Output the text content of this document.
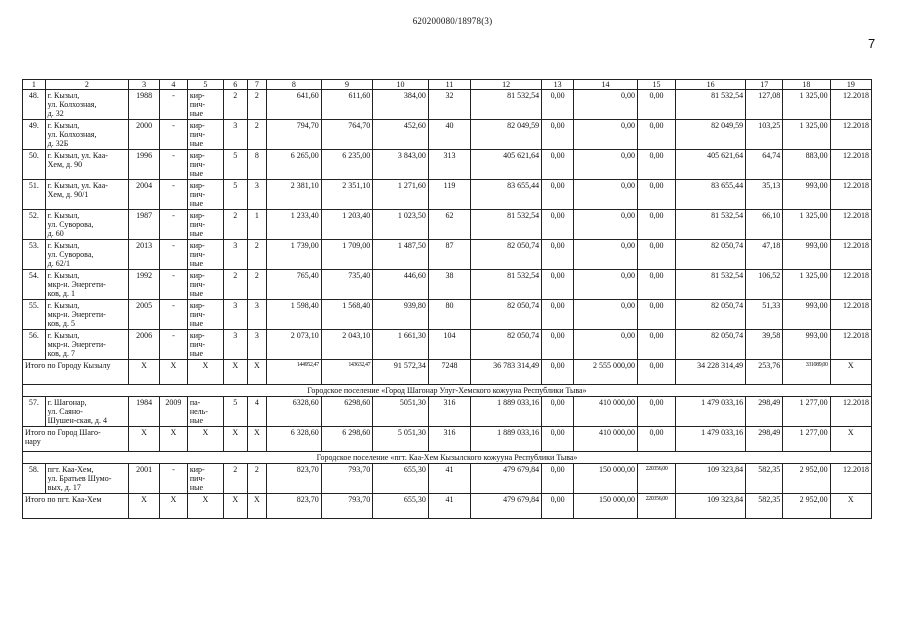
620200080/18978(3)
7
1	2	3	4	5	6	7	8	9	10	11	12	13	14	15	16	17	18	19
48.	г. Кызыл,
ул. Колхозная,
д. 32	1988	-	кир-
пич-
ные	2	2	641,60	611,60	384,00	32	81 532,54	0,00	0,00	0,00	81 532,54	127,08	1 325,00	12.2018
49.	г. Кызыл,
ул. Колхозная,
д. 32Б	2000	-	кир-
пич-
ные	3	2	794,70	764,70	452,60	40	82 049,59	0,00	0,00	0,00	82 049,59	103,25	1 325,00	12.2018
50.	г. Кызыл, ул. Каа-
Хем, д. 90	1996	-	кир-
пич-
ные	5	8	6 265,00	6 235,00	3 843,00	313	405 621,64	0,00	0,00	0,00	405 621,64	64,74	883,00	12.2018
51.	г. Кызыл, ул. Каа-
Хем, д. 90/1	2004	-	кир-
пич-
ные	5	3	2 381,10	2 351,10	1 271,60	119	83 655,44	0,00	0,00	0,00	83 655,44	35,13	993,00	12.2018
52.	г. Кызыл,
ул. Суворова,
д. 60	1987	-	кир-
пич-
ные	2	1	1 233,40	1 203,40	1 023,50	62	81 532,54	0,00	0,00	0,00	81 532,54	66,10	1 325,00	12.2018
53.	г. Кызыл,
ул. Суворова,
д. 62/1	2013	-	кир-
пич-
ные	3	2	1 739,00	1 709,00	1 487,50	87	82 050,74	0,00	0,00	0,00	82 050,74	47,18	993,00	12.2018
54.	г. Кызыл,
мкр-н. Энергети-
ков, д. 1	1992	-	кир-
пич-
ные	2	2	765,40	735,40	446,60	38	81 532,54	0,00	0,00	0,00	81 532,54	106,52	1 325,00	12.2018
55.	г. Кызыл,
мкр-н. Энергети-
ков, д. 5	2005	-	кир-
пич-
ные	3	3	1 598,40	1 568,40	939,80	80	82 050,74	0,00	0,00	0,00	82 050,74	51,33	993,00	12.2018
56.	г. Кызыл,
мкр-н. Энергети-
ков, д. 7	2006	-	кир-
пич-
ные	3	3	2 073,10	2 043,10	1 661,30	104	82 050,74	0,00	0,00	0,00	82 050,74	39,58	993,00	12.2018
Итого по Городу Кызылу		X	X	X	X	X	144952,47	143632,47	91 572,34	7248	36 783 314,49	0,00	2 555 000,00	0,00	34 228 314,49	253,76	331089,00	X
Городское поселение «Город Шагонар Улуг-Хемского кожууна Республики Тыва»																		
57.	г. Шагонар,
ул. Саяно-
Шушен-ская, д. 4	1984	2009	па-
нель-
ные	5	4	6328,60	6298,60	5051,30	316	1 889 033,16	0,00	410 000,00	0,00	1 479 033,16	298,49	1 277,00	12.2018
Итого по Город Шаго-
нару		X	X	X	X	X	6 328,60	6 298,60	5 051,30	316	1 889 033,16	0,00	410 000,00	0,00	1 479 033,16	298,49	1 277,00	X
Городское поселение «пгт. Каа-Хем Кызылского кожууна Республики Тыва»																		
58.	пгт. Каа-Хем,
ул. Братьев Шумо-
вых, д. 17	2001	-	кир-
пич-
ные	2	2	823,70	793,70	655,30	41	479 679,84	0,00	150 000,00	220356,00	109 323,84	582,35	2 952,00	12.2018
Итого по пгт. Каа-Хем		X	X	X	X	X	823,70	793,70	655,30	41	479 679,84	0,00	150 000,00	220356,00	109 323,84	582,35	2 952,00	X
